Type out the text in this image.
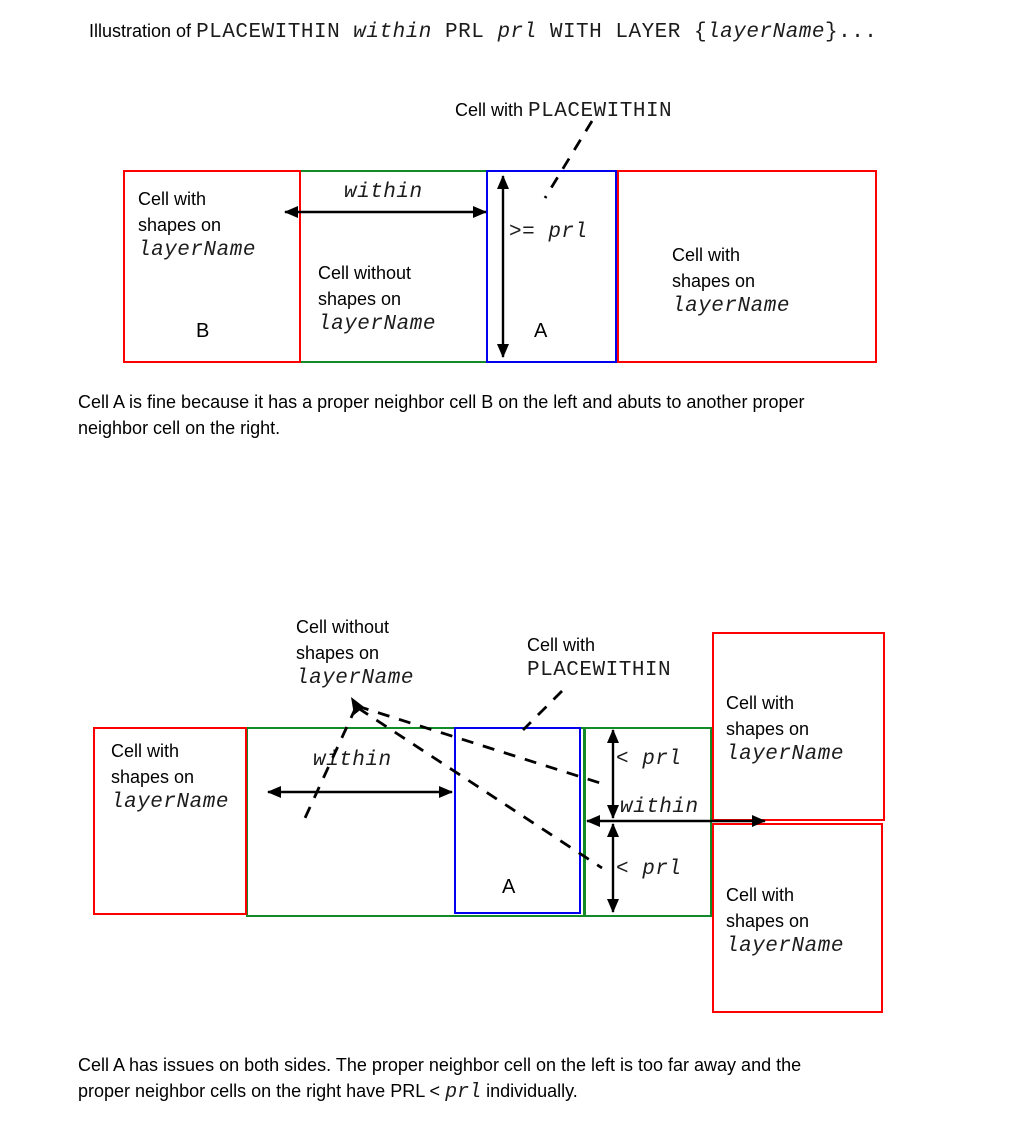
Illustration of PLACEWITHIN within PRL prl WITH LAYER {layerName}...
Cell with PLACEWITHIN
Cell with
shapes on
layerName
B
Cell without
shapes on
layerName
within
>= prl
A
Cell with
shapes on
layerName
Cell A is fine because it has a proper neighbor cell B on the left and abuts to another proper
neighbor cell on the right.
Cell without
shapes on
layerName
Cell with
PLACEWITHIN
Cell with
shapes on
layerName
within
A
< prl
within
< prl
Cell with
shapes on
layerName
Cell with
shapes on
layerName
Cell A has issues on both sides. The proper neighbor cell on the left is too far away and the
proper neighbor cells on the right have PRL < prl individually.
